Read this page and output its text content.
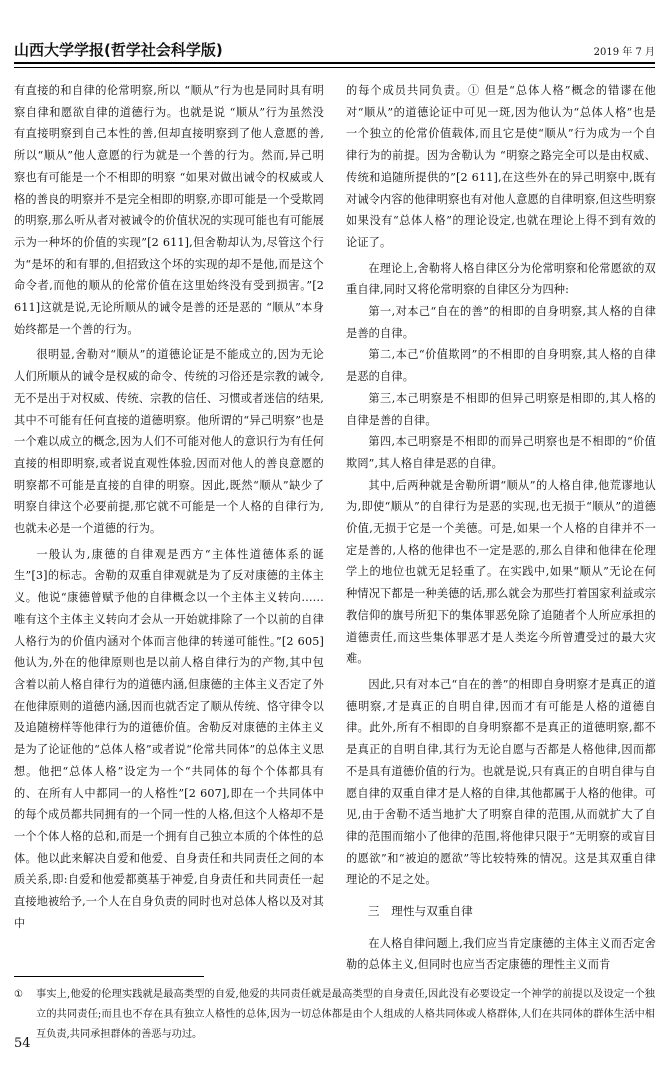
山西大学学报(哲学社会科学版)	2019 年 7 月

有直接的和自律的伦常明察,所以 “顺从”行为也是同时具有明察自律和愿欲自律的道德行为。也就是说 “顺从”行为虽然没有直接明察到自己本性的善,但却直接明察到了他人意愿的善,所以“顺从”他人意愿的行为就是一个善的行为。然而,异己明察也有可能是一个不相即的明察 “如果对做出诫令的权威或人格的善良的明察并不是完全相即的明察,亦即可能是一个受欺罔的明察,那么听从者对被诫令的价值状况的实现可能也有可能展示为一种坏的价值的实现”[2 611],但舍勒却认为,尽管这个行为“是坏的和有罪的,但招致这个坏的实现的却不是他,而是这个命令者,而他的顺从的伦常价值在这里始终没有受到损害。”[2 611]这就是说,无论所顺从的诫令是善的还是恶的 “顺从”本身始终都是一个善的行为。

很明显,舍勒对“顺从”的道德论证是不能成立的,因为无论人们所顺从的诫令是权威的命令、传统的习俗还是宗教的诫令,无不是出于对权威、传统、宗教的信任、习惯或者迷信的结果,其中不可能有任何直接的道德明察。他所谓的“异己明察”也是一个难以成立的概念,因为人们不可能对他人的意识行为有任何直接的相即明察,或者说直观性体验,因而对他人的善良意愿的明察都不可能是直接的自律的明察。因此,既然“顺从”缺少了明察自律这个必要前提,那它就不可能是一个人格的自律行为,也就未必是一个道德的行为。

一般认为,康德的自律观是西方“主体性道德体系的诞生”[3]的标志。舍勒的双重自律观就是为了反对康德的主体主义。他说“康德曾赋予他的自律概念以一个主体主义转向……唯有这个主体主义转向才会从一开始就排除了一个以前的自律人格行为的价值内涵对个体而言他律的转递可能性。”[2 605]他认为,外在的他律原则也是以前人格自律行为的产物,其中包含着以前人格自律行为的道德内涵,但康德的主体主义否定了外在他律原则的道德内涵,因而也就否定了顺从传统、恪守律令以及追随榜样等他律行为的道德价值。舍勒反对康德的主体主义是为了论证他的“总体人格”或者说“伦常共同体”的总体主义思想。他把“总体人格”设定为一个“共同体的每个个体都具有的、在所有人中都同一的人格性”[2 607],即在一个共同体中的每个成员都共同拥有的一个同一性的人格,但这个人格却不是一个个体人格的总和,而是一个拥有自己独立本质的个体性的总体。他以此来解决自爱和他爱、自身责任和共同责任之间的本质关系,即:自爱和他爱都奠基于神爱,自身责任和共同责任一起直接地被给予,一个人在自身负责的同时也对总体人格以及对其中

的每个成员共同负责。① 但是“总体人格”概念的错谬在他对“顺从”的道德论证中可见一斑,因为他认为“总体人格”也是一个独立的伦常价值载体,而且它是使“顺从”行为成为一个自律行为的前提。因为舍勒认为 “明察之路完全可以是由权威、传统和追随所提供的”[2 611],在这些外在的异己明察中,既有对诫令内容的他律明察也有对他人意愿的自律明察,但这些明察如果没有“总体人格”的理论设定,也就在理论上得不到有效的论证了。

在理论上,舍勒将人格自律区分为伦常明察和伦常愿欲的双重自律,同时又将伦常明察的自律区分为四种:

第一,对本己“自在的善”的相即的自身明察,其人格的自律是善的自律。

第二,本己“价值欺罔”的不相即的自身明察,其人格的自律是恶的自律。

第三,本己明察是不相即的但异己明察是相即的,其人格的自律是善的自律。

第四,本己明察是不相即的而异己明察也是不相即的“价值欺罔”,其人格自律是恶的自律。

其中,后两种就是舍勒所谓“顺从”的人格自律,他荒谬地认为,即使“顺从”的自律行为是恶的实现,也无损于“顺从”的道德价值,无损于它是一个美德。可是,如果一个人格的自律并不一定是善的,人格的他律也不一定是恶的,那么自律和他律在伦理学上的地位也就无足轻重了。在实践中,如果“顺从”无论在何种情况下都是一种美德的话,那么就会为那些打着国家利益或宗教信仰的旗号所犯下的集体罪恶免除了追随者个人所应承担的道德责任,而这些集体罪恶才是人类迄今所曾遭受过的最大灾难。

因此,只有对本己“自在的善”的相即自身明察才是真正的道德明察,才是真正的自明自律,因而才有可能是人格的道德自律。此外,所有不相即的自身明察都不是真正的道德明察,都不是真正的自明自律,其行为无论自愿与否都是人格他律,因而都不是具有道德价值的行为。也就是说,只有真正的自明自律与自愿自律的双重自律才是人格的自律,其他都属于人格的他律。可见,由于舍勒不适当地扩大了明察自律的范围,从而就扩大了自律的范围而缩小了他律的范围,将他律只限于“无明察的或盲目的愿欲”和“被迫的愿欲”等比较特殊的情况。这是其双重自律理论的不足之处。

三　理性与双重自律

在人格自律问题上,我们应当肯定康德的主体主义而否定舍勒的总体主义,但同时也应当否定康德的理性主义而肯

①	事实上,他爱的伦理实践就是最高类型的自爱,他爱的共同责任就是最高类型的自身责任,因此没有必要设定一个神学的前提以及设定一个独立的共同责任;而且也不存在具有独立人格性的总体,因为一切总体都是由个人组成的人格共同体或人格群体,人们在共同体的群体生活中相互负责,共同承担群体的善恶与功过。
54
